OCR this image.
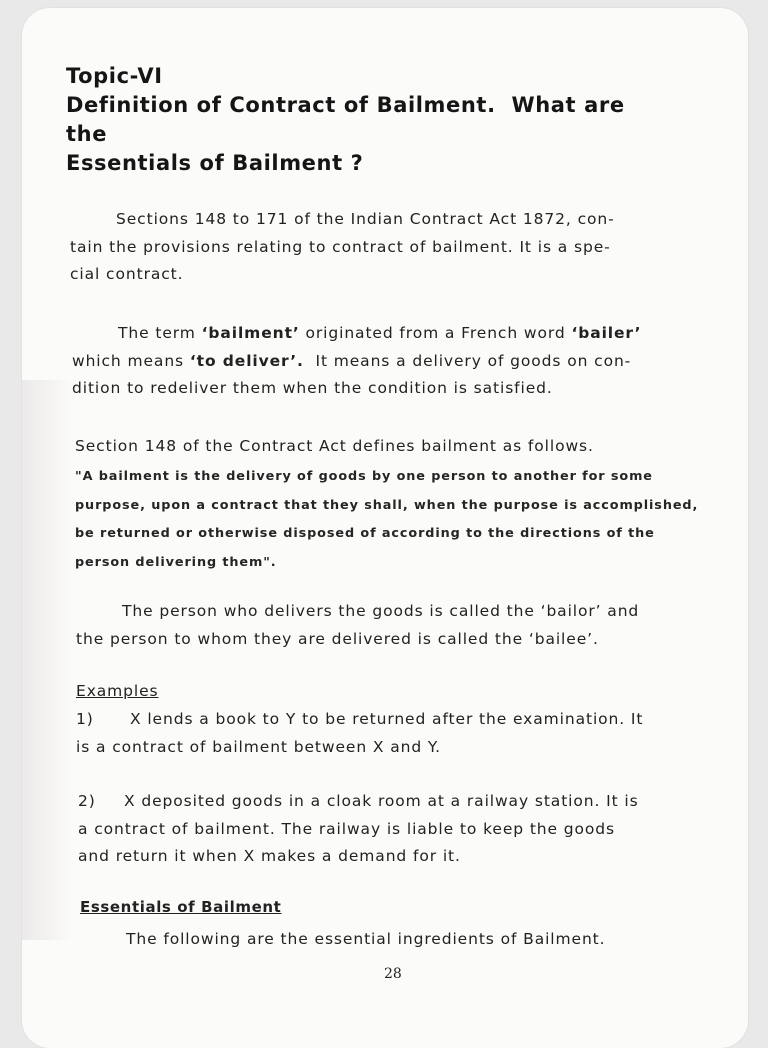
Topic-VI
Definition of Contract of Bailment.  What are
the
Essentials of Bailment ?
Sections 148 to 171 of the Indian Contract Act 1872, con-
tain the provisions relating to contract of bailment. It is a spe-
cial contract.
The term ‘bailment’ originated from a French word ‘bailer’
which means ‘to deliver’.  It means a delivery of goods on con-
dition to redeliver them when the condition is satisfied.
Section 148 of the Contract Act defines bailment as follows.
"A bailment is the delivery of goods by one person to another for some
purpose, upon a contract that they shall, when the purpose is accomplished,
be returned or otherwise disposed of according to the directions of the
person delivering them".
The person who delivers the goods is called the ‘bailor’ and
the person to whom they are delivered is called the ‘bailee’.
Examples
1) X lends a book to Y to be returned after the examination. It
is a contract of bailment between X and Y.
2) X deposited goods in a cloak room at a railway station. It is
a contract of bailment. The railway is liable to keep the goods
and return it when X makes a demand for it.
Essentials of Bailment
The following are the essential ingredients of Bailment.
28
